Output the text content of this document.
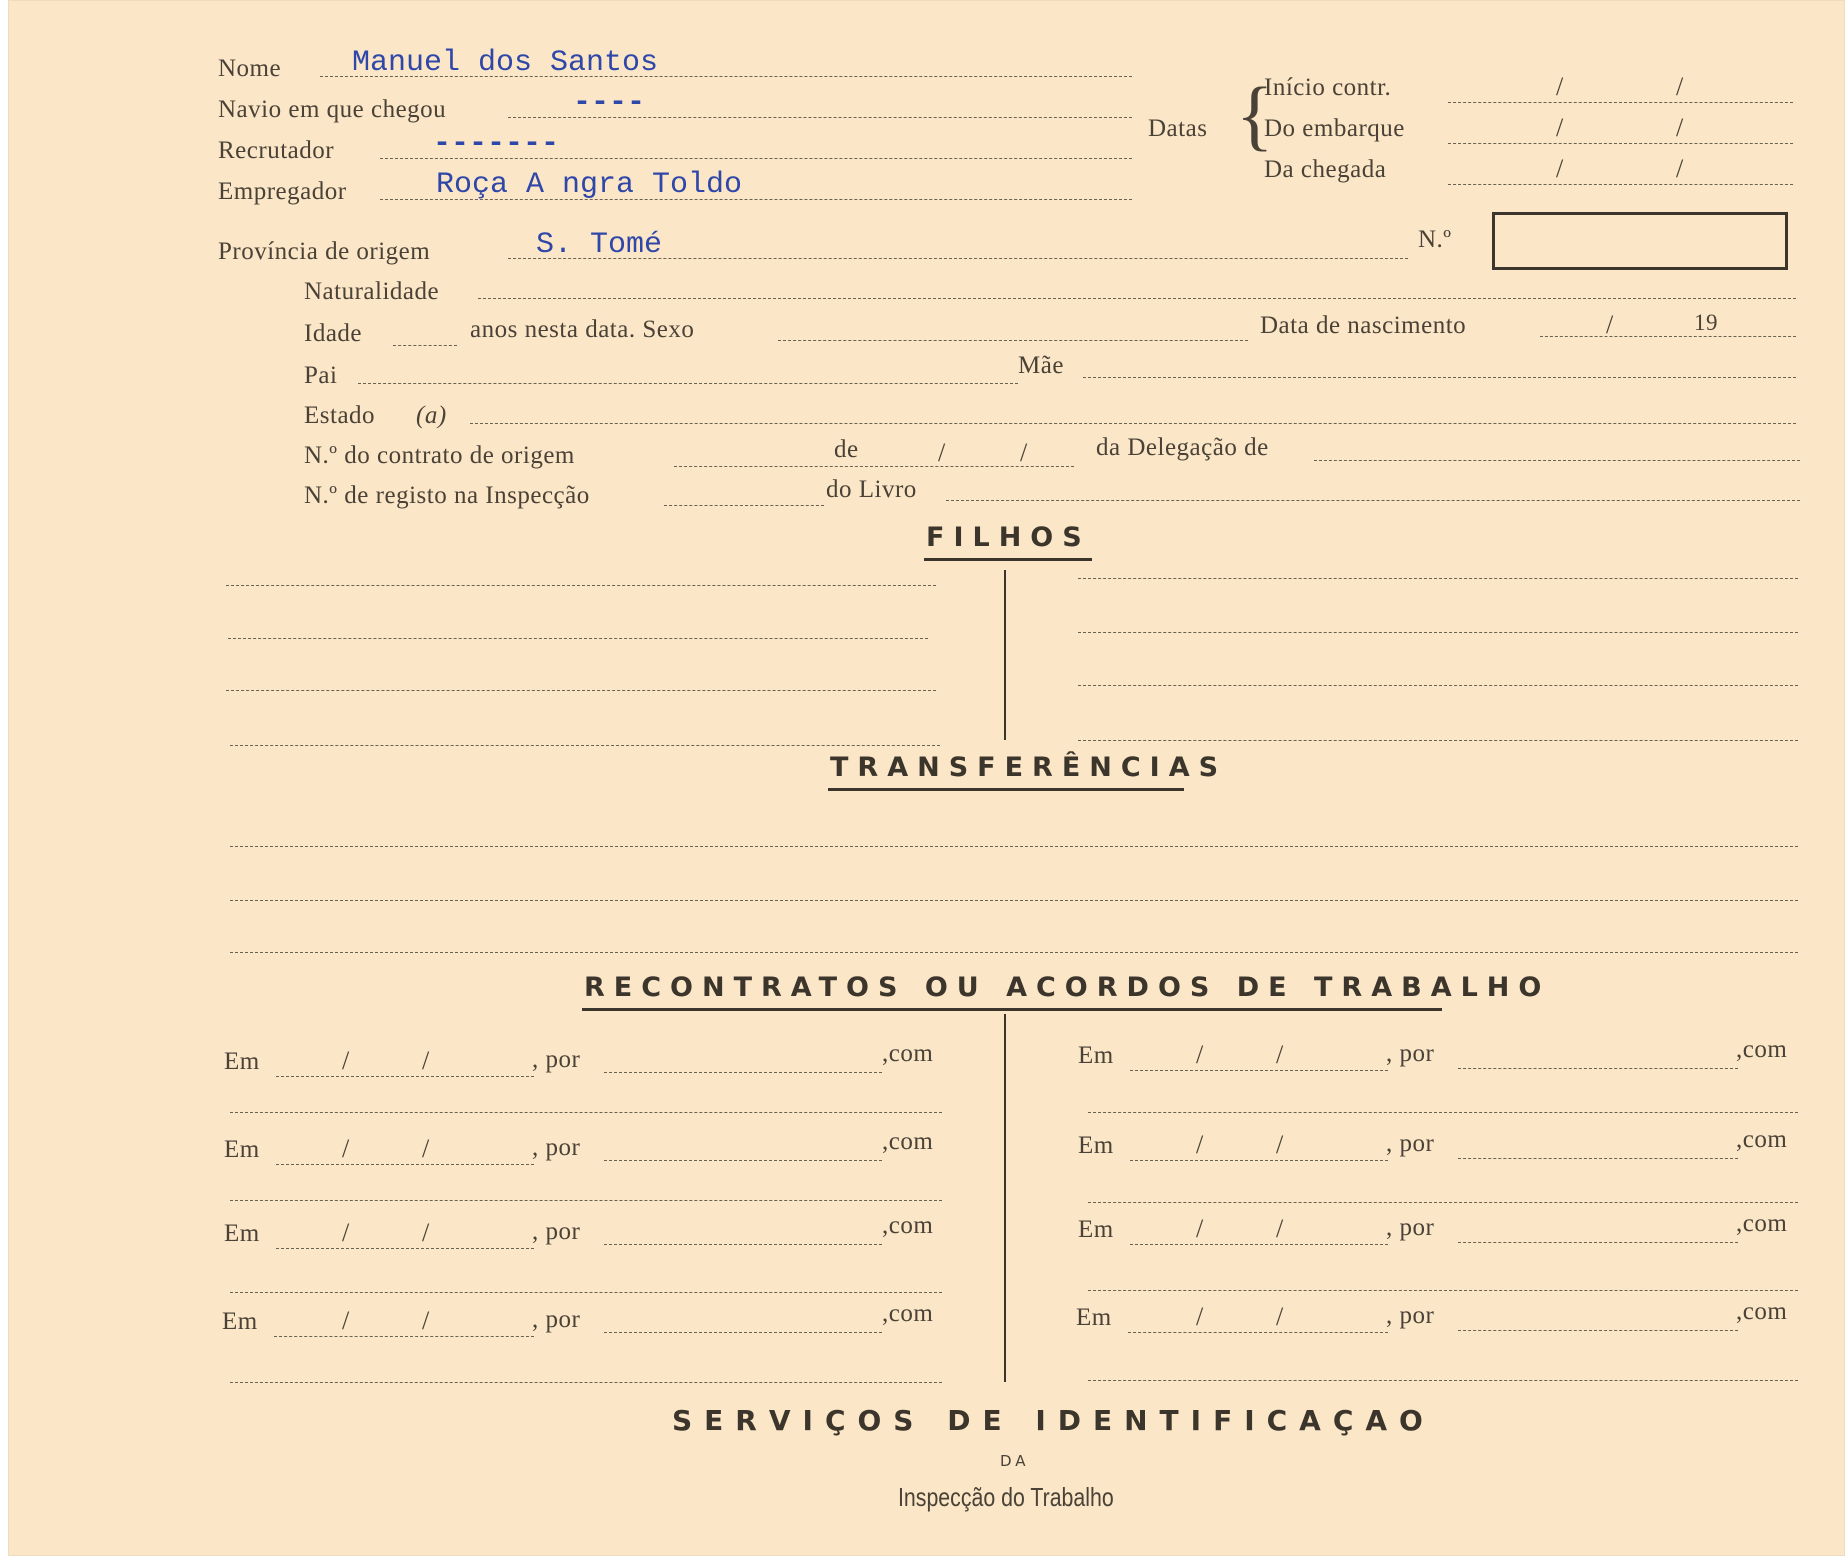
Nome Manuel dos Santos
Navio em que chegou	----
Recrutador	-------
Empregador	Roça A ngra Toldo
Datas {
Início contr.	/	/
Do embarque	/	/
Da chegada	/	/
Província de origem	S. Tomé	N.º
Naturalidade
Idade	anos nesta data. Sexo	Data de nascimento	/	19
Pai	Mãe
Estado (a)
N.º do contrato de origem	de	/	/	da Delegação de
N.º de registo na Inspecção	do Livro
FILHOS
TRANSFERÊNCIAS
RECONTRATOS OU ACORDOS DE TRABALHO
Em	/	/	, por	,com
Em	/	/	, por	,com
Em	/	/	, por	,com
Em	/	/	, por	,com
Em	/	/	, por	,com
Em	/	/	, por	,com
Em	/	/	, por	,com
Em	/	/	, por	,com
SERVIÇOS DE IDENTIFICAÇAO
DA
Inspecção do Trabalho
